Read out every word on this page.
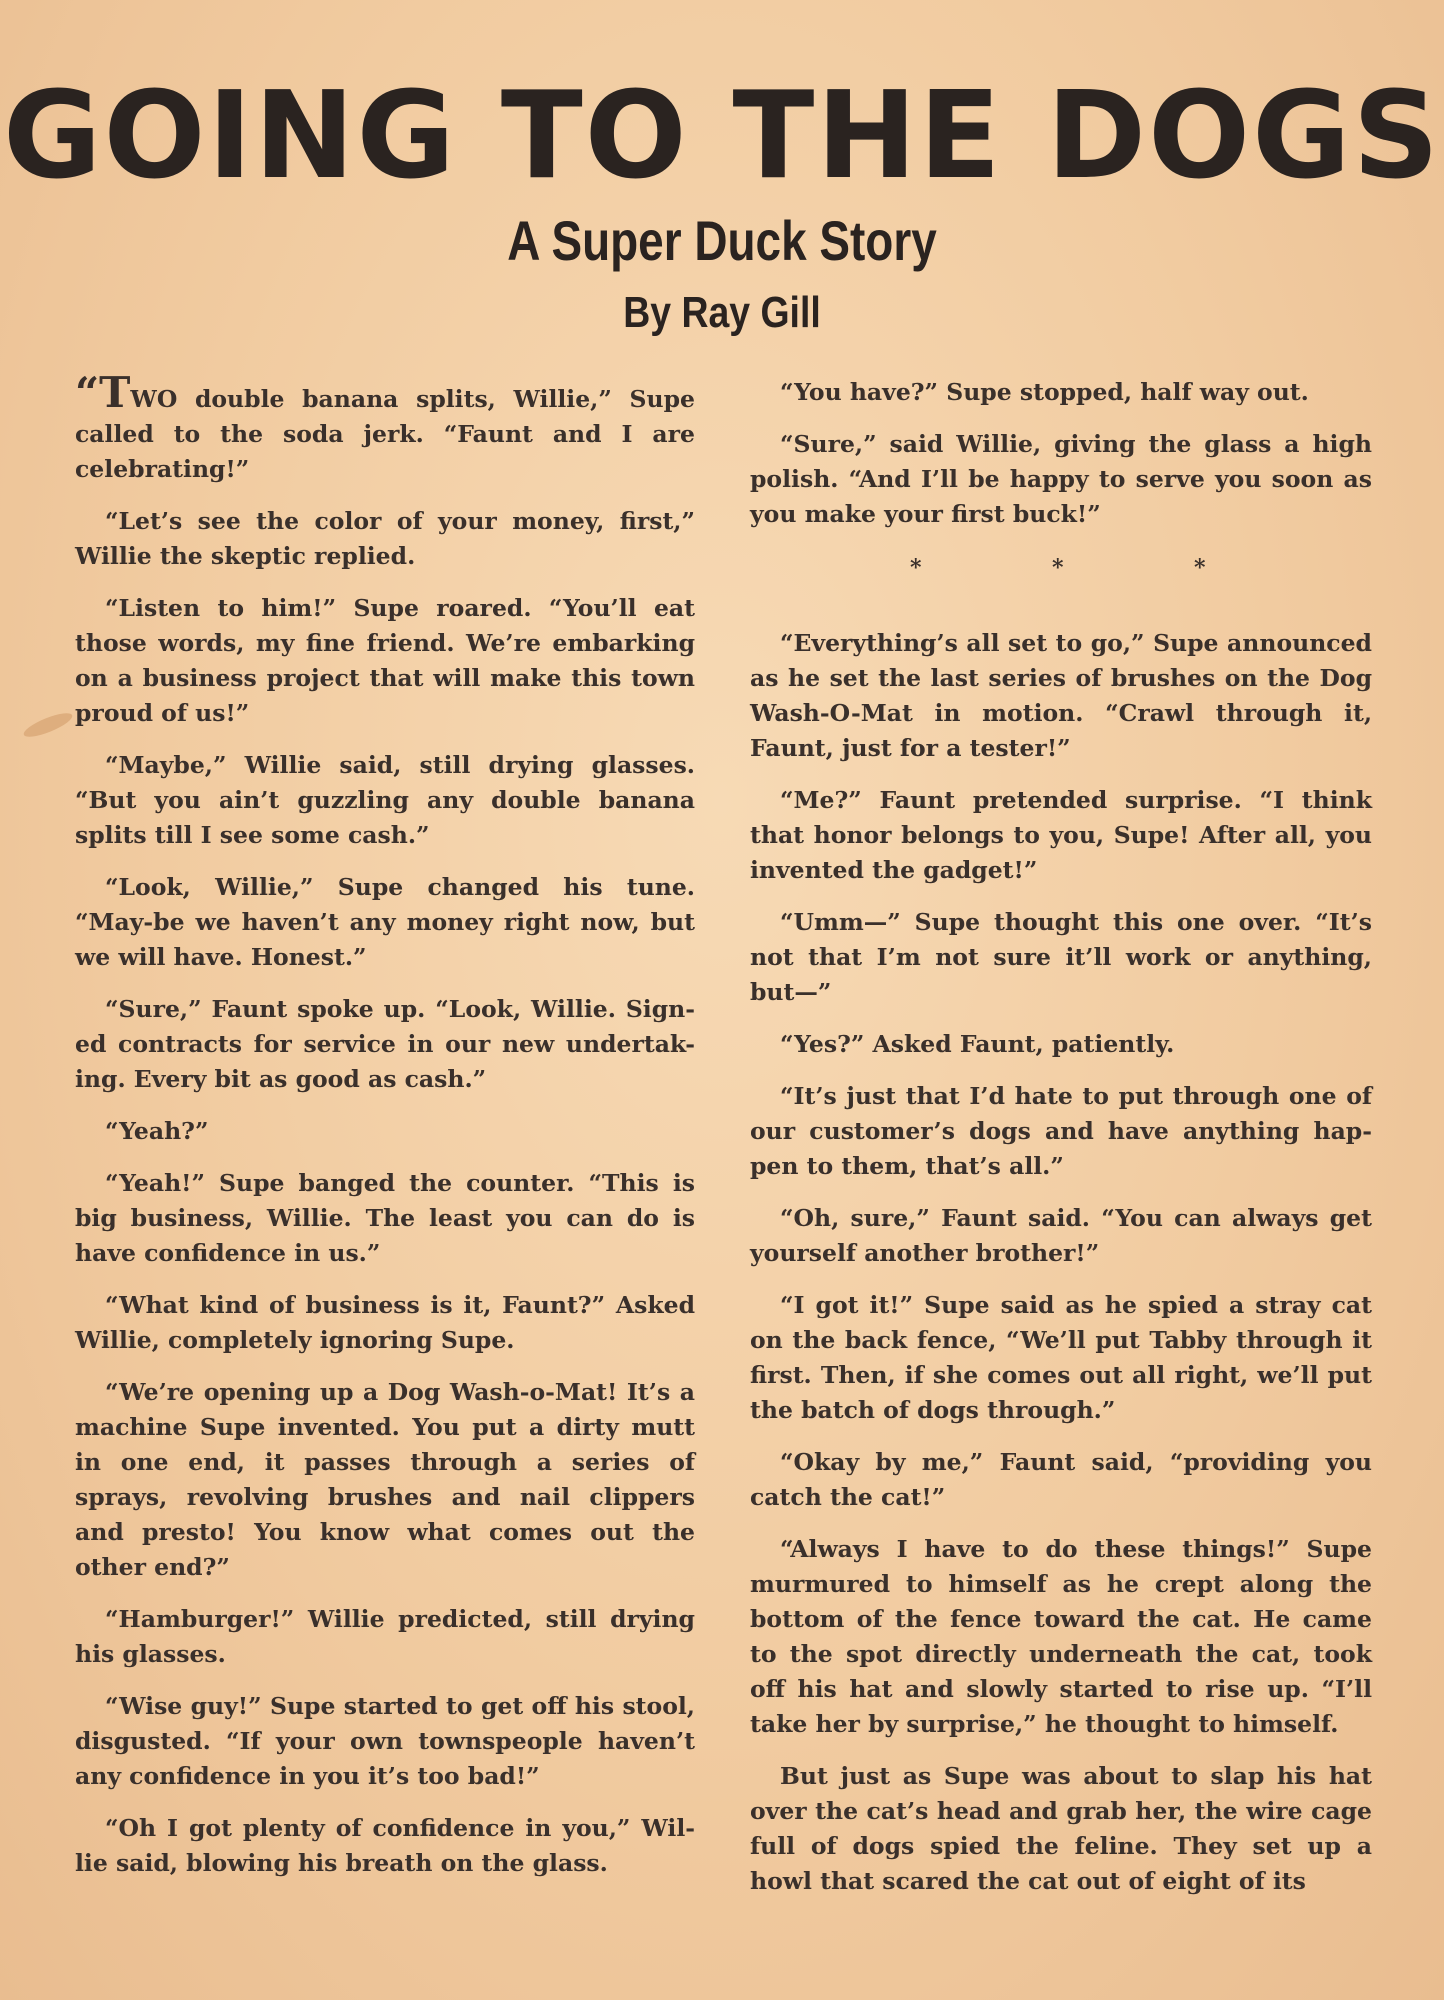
GOING TO THE DOGS
A Super Duck Story
By Ray Gill

“TWO double banana splits, Willie,” Supe called to the soda jerk. “Faunt and I are celebrating!”

“Let’s see the color of your money, first,” Willie the skeptic replied.

“Listen to him!” Supe roared. “You’ll eat those words, my fine friend. We’re embarking on a business project that will make this town proud of us!”

“Maybe,” Willie said, still drying glasses. “But you ain’t guzzling any double banana splits till I see some cash.”

“Look, Willie,” Supe changed his tune. “May-be we haven’t any money right now, but we will have. Honest.”

“Sure,” Faunt spoke up. “Look, Willie. Sign-ed contracts for service in our new undertak-ing. Every bit as good as cash.”

“Yeah?”

“Yeah!” Supe banged the counter. “This is big business, Willie. The least you can do is have confidence in us.”

“What kind of business is it, Faunt?” Asked Willie, completely ignoring Supe.

“We’re opening up a Dog Wash-o-Mat! It’s a machine Supe invented. You put a dirty mutt in one end, it passes through a series of sprays, revolving brushes and nail clippers and presto! You know what comes out the other end?”

“Hamburger!” Willie predicted, still drying his glasses.

“Wise guy!” Supe started to get off his stool, disgusted. “If your own townspeople haven’t any confidence in you it’s too bad!”

“Oh I got plenty of confidence in you,” Wil-lie said, blowing his breath on the glass.

“You have?” Supe stopped, half way out.

“Sure,” said Willie, giving the glass a high polish. “And I’ll be happy to serve you soon as you make your first buck!”

*	*	*

“Everything’s all set to go,” Supe announced as he set the last series of brushes on the Dog Wash-O-Mat in motion. “Crawl through it, Faunt, just for a tester!”

“Me?” Faunt pretended surprise. “I think that honor belongs to you, Supe! After all, you invented the gadget!”

“Umm—” Supe thought this one over. “It’s not that I’m not sure it’ll work or anything, but—”

“Yes?” Asked Faunt, patiently.

“It’s just that I’d hate to put through one of our customer’s dogs and have anything hap-pen to them, that’s all.”

“Oh, sure,” Faunt said. “You can always get yourself another brother!”

“I got it!” Supe said as he spied a stray cat on the back fence, “We’ll put Tabby through it first. Then, if she comes out all right, we’ll put the batch of dogs through.”

“Okay by me,” Faunt said, “providing you catch the cat!”

“Always I have to do these things!” Supe murmured to himself as he crept along the bottom of the fence toward the cat. He came to the spot directly underneath the cat, took off his hat and slowly started to rise up. “I’ll take her by surprise,” he thought to himself.

But just as Supe was about to slap his hat over the cat’s head and grab her, the wire cage full of dogs spied the feline. They set up a howl that scared the cat out of eight of its
